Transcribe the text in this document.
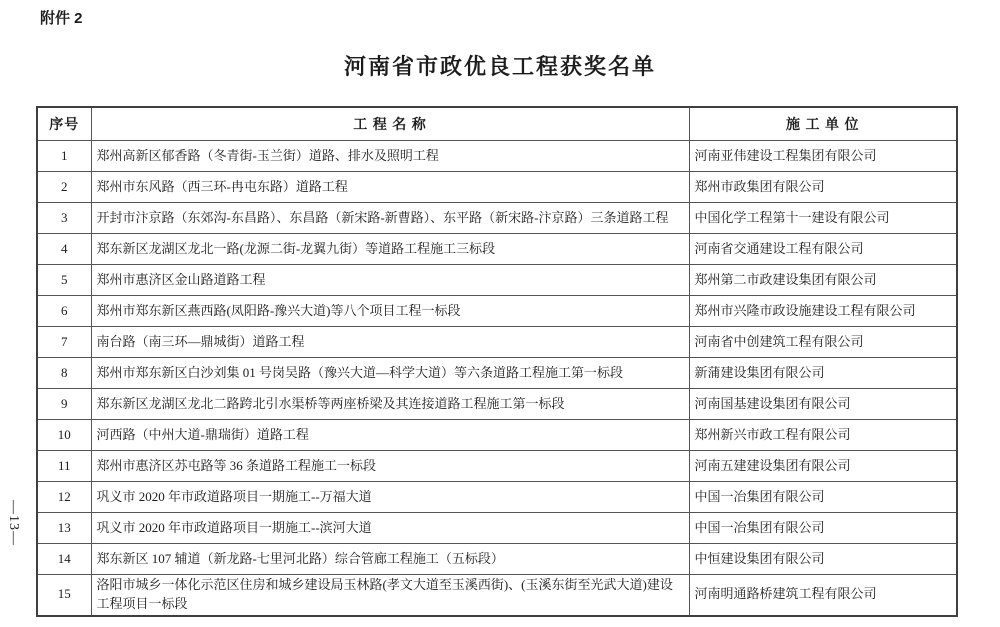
附件 2
河南省市政优良工程获奖名单
—13—
序号	工 程 名 称	施 工 单 位
1	郑州高新区郁香路（冬青街-玉兰街）道路、排水及照明工程	河南亚伟建设工程集团有限公司
2	郑州市东风路（西三环-冉屯东路）道路工程	郑州市政集团有限公司
3	开封市汴京路（东郊沟-东昌路）、东昌路（新宋路-新曹路）、东平路（新宋路-汴京路）三条道路工程	中国化学工程第十一建设有限公司
4	郑东新区龙湖区龙北一路(龙源二街-龙翼九街）等道路工程施工三标段	河南省交通建设工程有限公司
5	郑州市惠济区金山路道路工程	郑州第二市政建设集团有限公司
6	郑州市郑东新区燕西路(凤阳路-豫兴大道)等八个项目工程一标段	郑州市兴隆市政设施建设工程有限公司
7	南台路（南三环—鼎城街）道路工程	河南省中创建筑工程有限公司
8	郑州市郑东新区白沙刘集 01 号岗吴路（豫兴大道—科学大道）等六条道路工程施工第一标段	新蒲建设集团有限公司
9	郑东新区龙湖区龙北二路跨北引水渠桥等两座桥梁及其连接道路工程施工第一标段	河南国基建设集团有限公司
10	河西路（中州大道-鼎瑞街）道路工程	郑州新兴市政工程有限公司
11	郑州市惠济区苏屯路等 36 条道路工程施工一标段	河南五建建设集团有限公司
12	巩义市 2020 年市政道路项目一期施工--万福大道	中国一冶集团有限公司
13	巩义市 2020 年市政道路项目一期施工--滨河大道	中国一冶集团有限公司
14	郑东新区 107 辅道（新龙路-七里河北路）综合管廊工程施工（五标段）	中恒建设集团有限公司
15	洛阳市城乡一体化示范区住房和城乡建设局玉林路(孝文大道至玉溪西街)、(玉溪东街至光武大道)建设工程项目一标段	河南明通路桥建筑工程有限公司
